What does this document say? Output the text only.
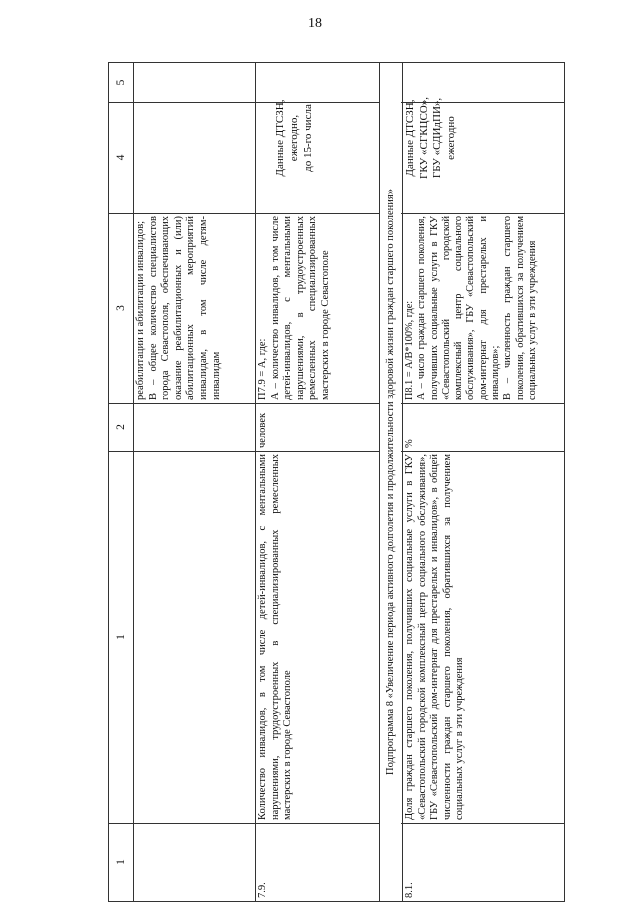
18
5
4
3
2
1
1
реабилитации и абилитации инвалидов;
В – общее количество специалистов города Севастополя, обеспечивающих оказание реабилитационных и (или) абилитационных мероприятий инвалидам, в том числе детям-инвалидам
Данные ДТСЗН,
ежегодно,
до 15-го числа
П7.9 = А, где:
А – количество инвалидов, в том числе детей-инвалидов, с ментальными нарушениями, в трудоустроенных ремесленных специализированных мастерских в городе Севастополе
человек
Количество инвалидов, в том числе детей-инвалидов, с ментальными нарушениями, трудоустроенных в специализированных ремесленных мастерских в городе Севастополе
7.9.
Подпрограмма 8 «Увеличение периода активного долголетия и продолжительности здоровой жизни граждан старшего поколения»
Данные ДТСЗН,
ГКУ «СГКЦСО»,
ГБУ «СДИдПИ»,
ежегодно
П8.1 = А/В*100%, где:
А – число граждан старшего поколения, получивших социальные услуги в ГКУ «Севастопольский городской комплексный центр социального обслуживания», ГБУ «Севастопольский дом-интернат для престарелых и инвалидов»;
В – численность граждан старшего поколения, обратившихся за получением социальных услуг в эти учреждения
%
Доля граждан старшего поколения, получивших социальные услуги в ГКУ «Севастопольский городской комплексный центр социального обслуживания», ГБУ «Севастопольский дом-интернат для престарелых и инвалидов», в общей численности граждан старшего поколения, обратившихся за получением социальных услуг в эти учреждения
8.1.
